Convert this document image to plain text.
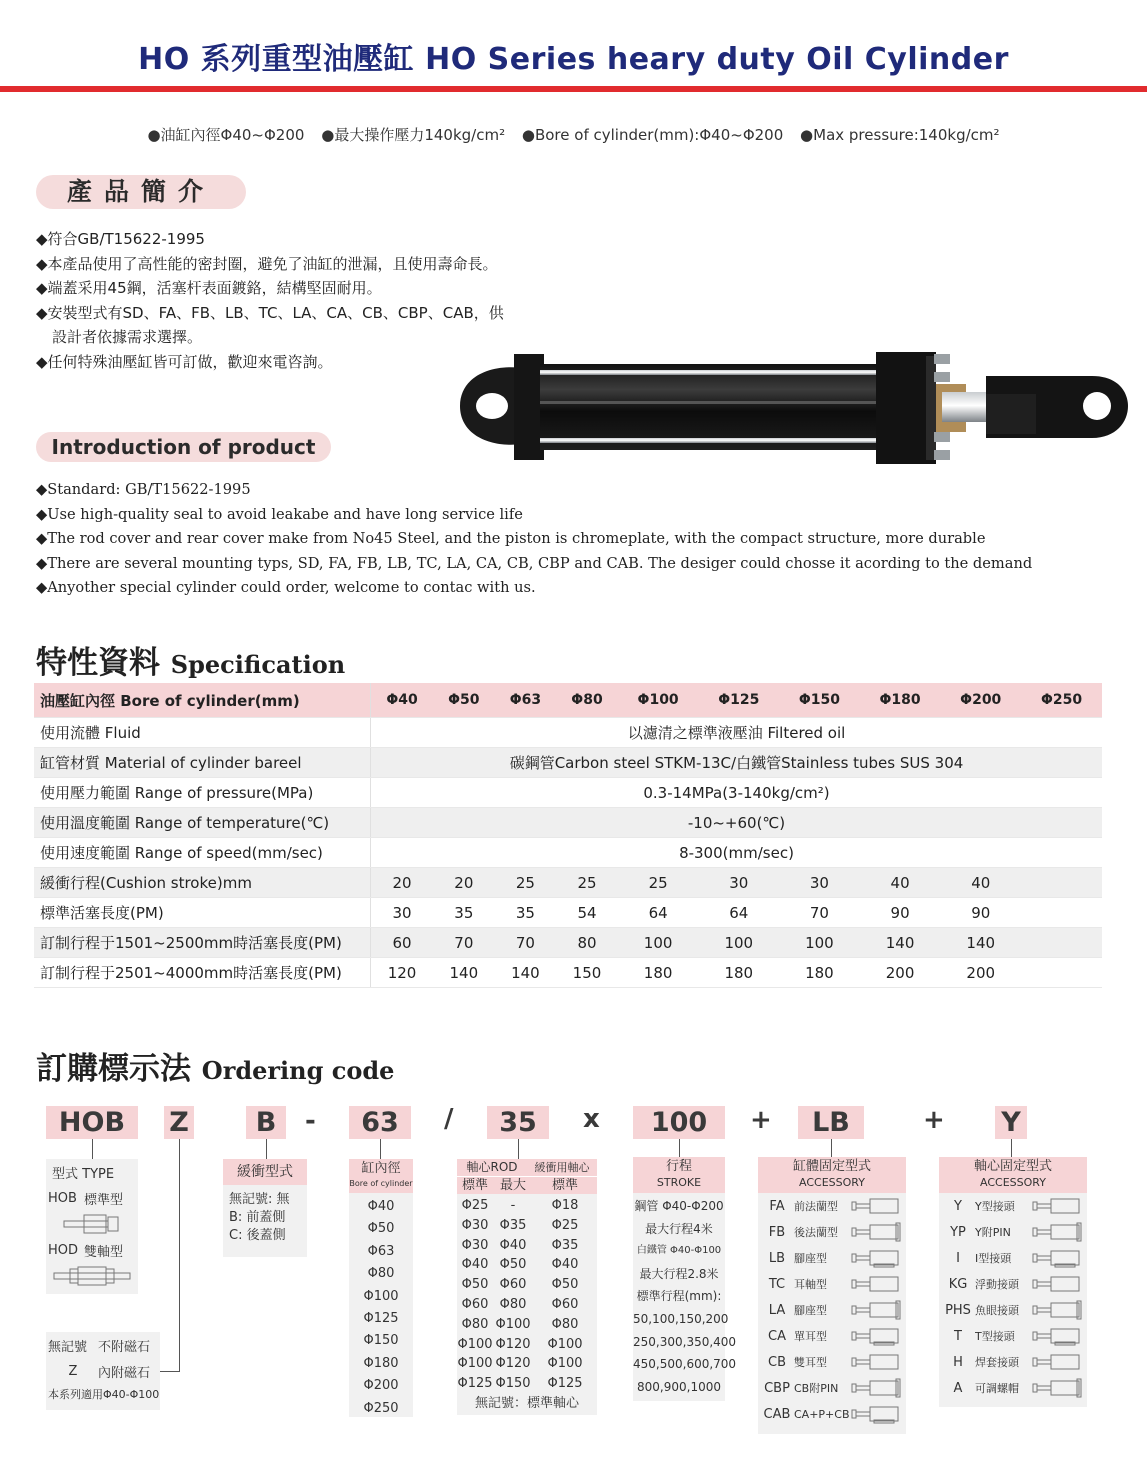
HO 系列重型油壓缸 HO Series heary duty Oil Cylinder
●油缸內徑Φ40~Φ200 ●最大操作壓力140kg/cm² ●Bore of cylinder(mm):Φ40~Φ200 ●Max pressure:140kg/cm²
產品簡介
◆符合GB/T15622-1995
◆本產品使用了高性能的密封圈，避免了油缸的泄漏，且使用壽命長。
◆端蓋采用45鋼，活塞杆表面鍍鉻，結構堅固耐用。
◆安裝型式有SD、FA、FB、LB、TC、LA、CA、CB、CBP、CAB，供
設計者依據需求選擇。
◆任何特殊油壓缸皆可訂做，歡迎來電咨詢。
Introduction of product
◆Standard: GB/T15622-1995
◆Use high-quality seal to avoid leakabe and have long service life
◆The rod cover and rear cover make from No45 Steel, and the piston is chromeplate, with the compact structure, more durable
◆There are several mounting typs, SD, FA, FB, LB, TC, LA, CA, CB, CBP and CAB. The desiger could chosse it acording to the demand
◆Anyother special cylinder could order, welcome to contac with us.
特性資料 Specification
油壓缸內徑 Bore of cylinder(mm)	Φ40	Φ50	Φ63	Φ80	Φ100	Φ125	Φ150	Φ180	Φ200	Φ250
使用流體 Fluid	以濾清之標準液壓油 Filtered oil									
缸管材質 Material of cylinder bareel	碳鋼管Carbon steel STKM-13C/白鐵管Stainless tubes SUS 304									
使用壓力範圍 Range of pressure(MPa)	0.3-14MPa(3-140kg/cm²)									
使用溫度範圍 Range of temperature(℃)	-10~+60(℃)									
使用速度範圍 Range of speed(mm/sec)	8-300(mm/sec)									
緩衝行程(Cushion stroke)mm	20	20	25	25	25	30	30	40	40	
標準活塞長度(PM)	30	35	35	54	64	64	70	90	90	
訂制行程于1501~2500mm時活塞長度(PM)	60	70	70	80	100	100	100	140	140	
訂制行程于2501~4000mm時活塞長度(PM)	120	140	140	150	180	180	180	200	200	
訂購標示法 Ordering code
HOB	Z	B	-	63	/	35	x	100	+	LB	+ Y
型式 TYPE
HOB 標準型
HOD 雙軸型
無記號 不附磁石
Z	內附磁石
本系列適用Φ40-Φ100
緩衝型式
無記號: 無
B: 前蓋側
C: 後蓋側
缸內徑
Bore of cylinder
Φ40
Φ50
Φ63
Φ80
Φ100
Φ125
Φ150
Φ180
Φ200
Φ250
軸心ROD	緩衝用軸心
標準 最大	標準
Φ25	-	Φ18
Φ30 Φ35	Φ25
Φ30 Φ40	Φ35
Φ40 Φ50	Φ40
Φ50 Φ60	Φ50
Φ60 Φ80	Φ60
Φ80 Φ100	Φ80
Φ100 Φ120	Φ100
Φ100 Φ120	Φ100
Φ125 Φ150	Φ125
無記號：標準軸心
行程
STROKE
鋼管 Φ40-Φ200
最大行程4米
白鐵管 Φ40-Φ100
最大行程2.8米
標準行程(mm):
50,100,150,200
250,300,350,400
450,500,600,700
800,900,1000
缸體固定型式
ACCESSORY
FA 前法蘭型
FB 後法蘭型
LB 腳座型
TC 耳軸型
LA 腳座型
CA 單耳型
CB 雙耳型
CBP CB附PIN
CAB CA+P+CB
軸心固定型式
ACCESSORY
Y	Y型接頭
YP Y附PIN
I	I型接頭
KG 浮動接頭
PHS 魚眼接頭
T	T型接頭
H	焊套接頭
A	可調螺帽
